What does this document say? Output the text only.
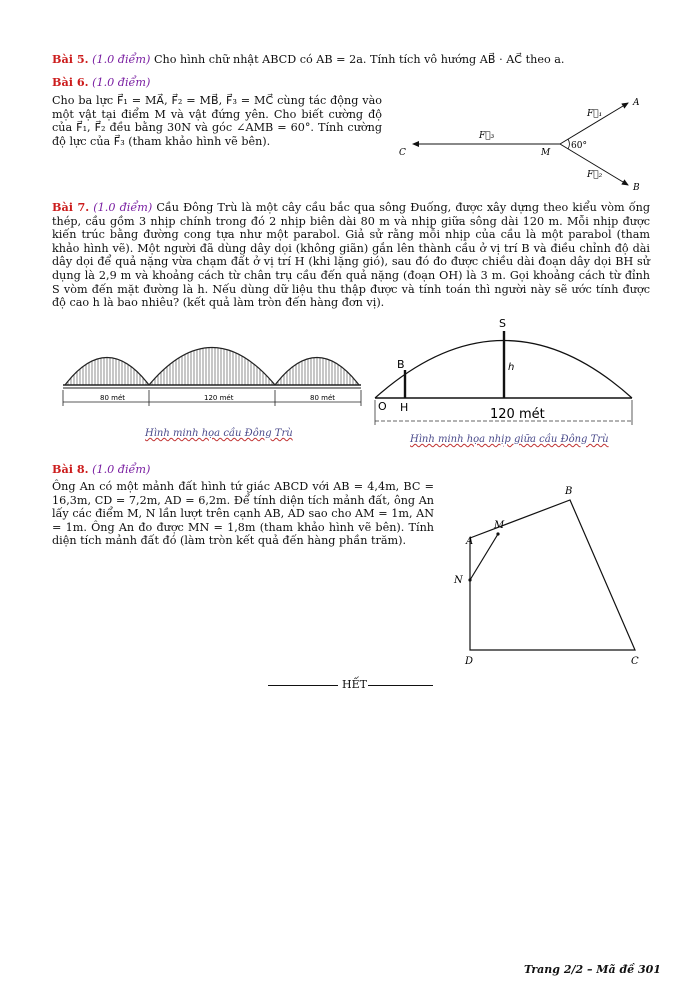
Bài 5. (1.0 điểm) Cho hình chữ nhật ABCD có AB = 2a. Tính tích vô hướng AB⃗ · AC⃗ theo a.
Bài 6. (1.0 điểm)
Cho ba lực F⃗₁ = MA⃗, F⃗₂ = MB⃗, F⃗₃ = MC⃗ cùng tác động vào một vật tại điểm M và vật đứng yên. Cho biết cường độ của F⃗₁, F⃗₂ đều bằng 30N và góc ∠AMB = 60°. Tính cường độ lực của F⃗₃ (tham khảo hình vẽ bên).	60°
M
A
B
C
F⃗₁
F⃗₂
F⃗₃
Bài 7. (1.0 điểm) Cầu Đông Trù là một cây cầu bắc qua sông Đuống, được xây dựng theo kiểu vòm ống thép, cầu gồm 3 nhịp chính trong đó 2 nhịp biên dài 80 m và nhịp giữa sông dài 120 m. Mỗi nhịp được kiến trúc bằng đường cong tựa như một parabol. Giả sử rằng mỗi nhịp của cầu là một parabol (tham khảo hình vẽ). Một người đã dùng dây dọi (không giãn) gắn lên thành cầu ở vị trí B và điều chỉnh độ dài dây dọi để quả nặng vừa chạm đất ở vị trí H (khi lặng gió), sau đó đo được chiều dài đoạn dây dọi BH sử dụng là 2,9 m và khoảng cách từ chân trụ cầu đến quả nặng (đoạn OH) là 3 m. Gọi khoảng cách từ đỉnh S vòm đến mặt đường là h. Nếu dùng dữ liệu thu thập được và tính toán thì người này sẽ ước tính được độ cao h là bao nhiêu? (kết quả làm tròn đến hàng đơn vị).
80 mét	120 mét	80 mét
Hình minh họa cầu Đông Trù
S
B	h
O H	120 mét
Hình minh họa nhịp giữa cầu Đông Trù
Bài 8. (1.0 điểm)
Ông An có một mảnh đất hình tứ giác ABCD với AB = 4,4m, BC = 16,3m, CD = 7,2m, AD = 6,2m. Để tính diện tích mảnh đất, ông An lấy các điểm M, N lần lượt trên cạnh AB, AD sao cho AM = 1m, AN = 1m. Ông An đo được MN = 1,8m (tham khảo hình vẽ bên). Tính diện tích mảnh đất đó (làm tròn kết quả đến hàng phần trăm).	A
B
C
D
M
N
HẾT
Trang 2/2 – Mã đề 301
